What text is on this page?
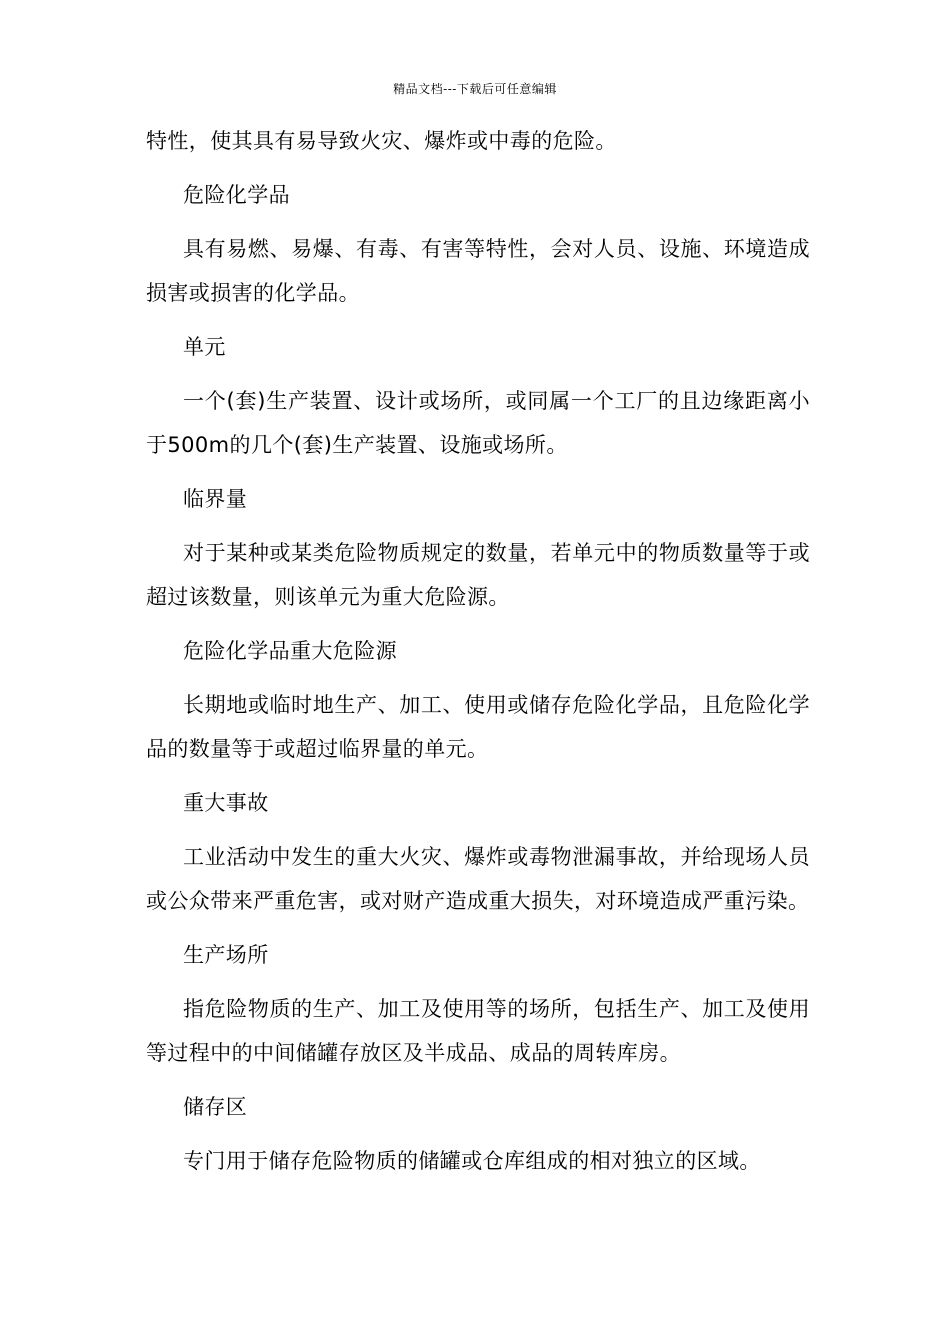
精品文档---下载后可任意编辑

特性，使其具有易导致火灾、爆炸或中毒的危险。

危险化学品

具有易燃、易爆、有毒、有害等特性，会对人员、设施、环境造成损害或损害的化学品。

单元

一个(套)生产装置、设计或场所，或同属一个工厂的且边缘距离小于500m的几个(套)生产装置、设施或场所。

临界量

对于某种或某类危险物质规定的数量，若单元中的物质数量等于或超过该数量，则该单元为重大危险源。

危险化学品重大危险源

长期地或临时地生产、加工、使用或储存危险化学品，且危险化学品的数量等于或超过临界量的单元。

重大事故

工业活动中发生的重大火灾、爆炸或毒物泄漏事故，并给现场人员或公众带来严重危害，或对财产造成重大损失，对环境造成严重污染。

生产场所

指危险物质的生产、加工及使用等的场所，包括生产、加工及使用等过程中的中间储罐存放区及半成品、成品的周转库房。

储存区

专门用于储存危险物质的储罐或仓库组成的相对独立的区域。
